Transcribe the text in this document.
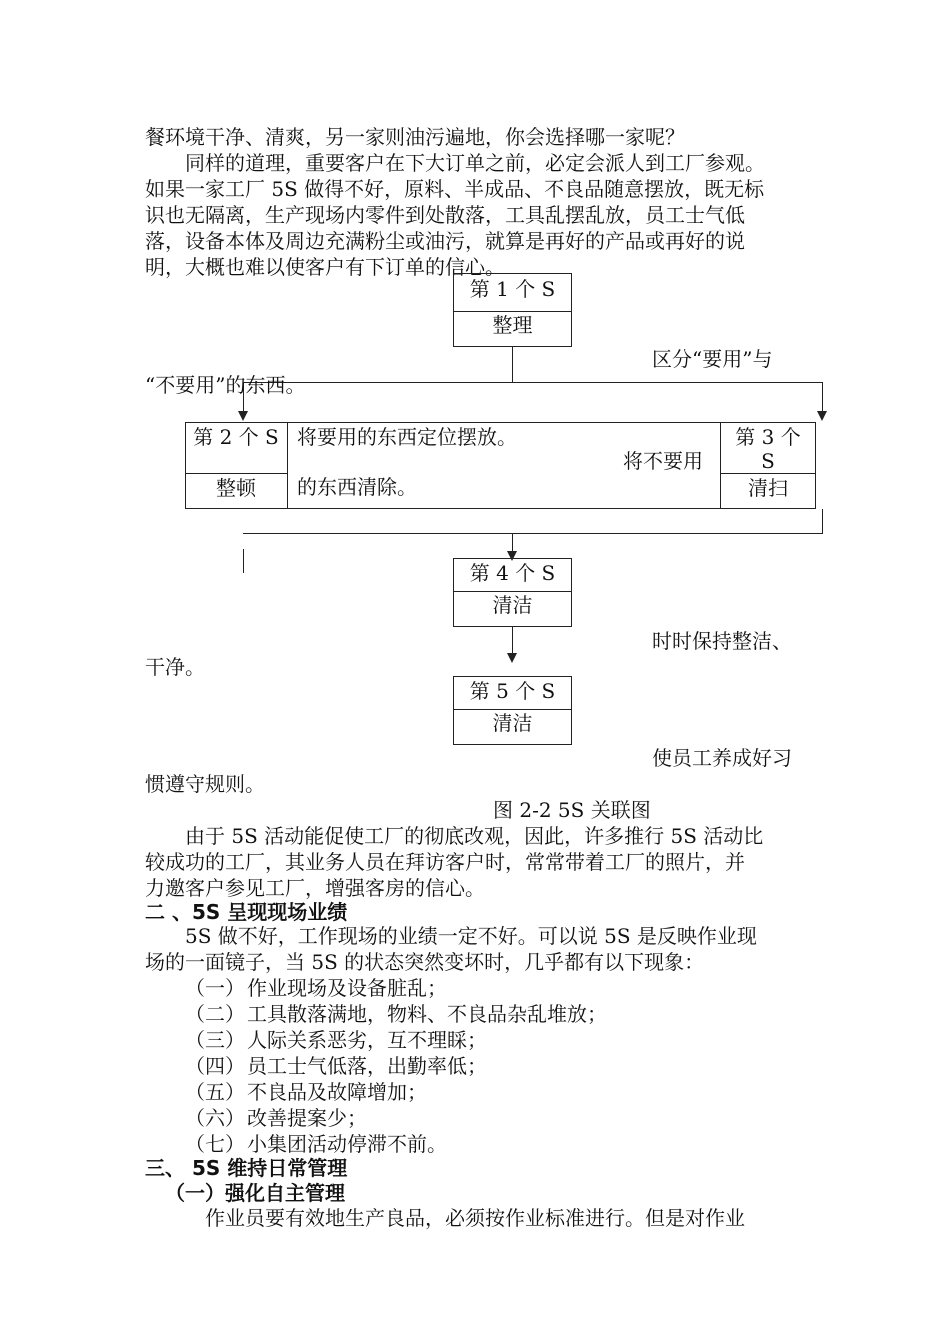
餐环境干净、清爽，另一家则油污遍地，你会选择哪一家呢？
同样的道理，重要客户在下大订单之前，必定会派人到工厂参观。
如果一家工厂 5S 做得不好，原料、半成品、不良品随意摆放，既无标
识也无隔离，生产现场内零件到处散落，工具乱摆乱放，员工士气低
落，设备本体及周边充满粉尘或油污，就算是再好的产品或再好的说
明，大概也难以使客户有下订单的信心。
第 1 个 S
整理
区分“要用”与
“不要用”的东西。
第 2 个 S
整顿
第 3 个
S
清扫
将要用的东西定位摆放。
将不要用
的东西清除。
第 4 个 S
清洁
时时保持整洁、
干净。
第 5 个 S
清洁
使员工养成好习
惯遵守规则。
图 2-2 5S 关联图
由于 5S 活动能促使工厂的彻底改观，因此，许多推行 5S 活动比
较成功的工厂，其业务人员在拜访客户时，常常带着工厂的照片，并
力邀客户参见工厂，增强客房的信心。
二 、5S 呈现现场业绩
5S 做不好，工作现场的业绩一定不好。可以说 5S 是反映作业现
场的一面镜子，当 5S 的状态突然变坏时，几乎都有以下现象：
（一） 作业现场及设备脏乱；
（二） 工具散落满地，物料、不良品杂乱堆放；
（三） 人际关系恶劣，互不理睬；
（四） 员工士气低落，出勤率低；
（五） 不良品及故障增加；
（六） 改善提案少；
（七） 小集团活动停滞不前。
三、 5S 维持日常管理
（一）强化自主管理
作业员要有效地生产良品，必须按作业标准进行。但是对作业
